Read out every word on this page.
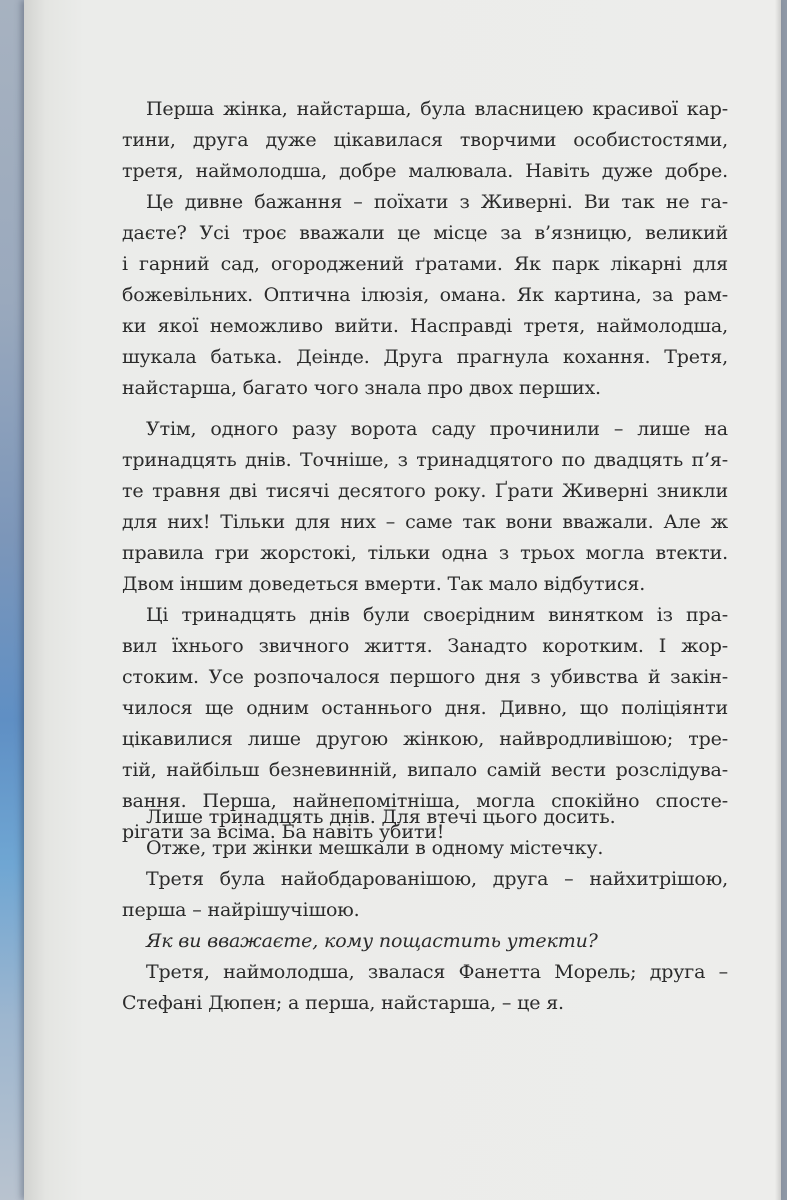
Перша жінка, найстарша, була власницею красивої кар-
тини, друга дуже цікавилася творчими особистостями,
третя, наймолодша, добре малювала. Навіть дуже добре.
Це дивне бажання – поїхати з Живерні. Ви так не га-
даєте? Усі троє вважали це місце за в’язницю, великий
і гарний сад, огороджений ґратами. Як парк лікарні для
божевільних. Оптична ілюзія, омана. Як картина, за рам-
ки якої неможливо вийти. Насправді третя, наймолодша,
шукала батька. Деінде. Друга прагнула кохання. Третя,
найстарша, багато чого знала про двох перших.
Утім, одного разу ворота саду прочинили – лише на
тринадцять днів. Точніше, з тринадцятого по двадцять п’я-
те травня дві тисячі десятого року. Ґрати Живерні зникли
для них! Тільки для них – саме так вони вважали. Але ж
правила гри жорстокі, тільки одна з трьох могла втекти.
Двом іншим доведеться вмерти. Так мало відбутися.
Ці тринадцять днів були своєрідним винятком із пра-
вил їхнього звичного життя. Занадто коротким. І жор-
стоким. Усе розпочалося першого дня з убивства й закін-
чилося ще одним останнього дня. Дивно, що поліціянти
цікавилися лише другою жінкою, найвродливішою; тре-
тій, найбільш безневинній, випало самій вести розслідува-
вання. Перша, найнепомітніша, могла спокійно спосте-
рігати за всіма. Ба навіть убити!
Лише тринадцять днів. Для втечі цього досить.
Отже, три жінки мешкали в одному містечку.
Третя була найобдарованішою, друга – найхитрішою,
перша – найрішучішою.
Як ви вважаєте, кому пощастить утекти?
Третя, наймолодша, звалася Фанетта Морель; друга –
Стефані Дюпен; а перша, найстарша, – це я.
